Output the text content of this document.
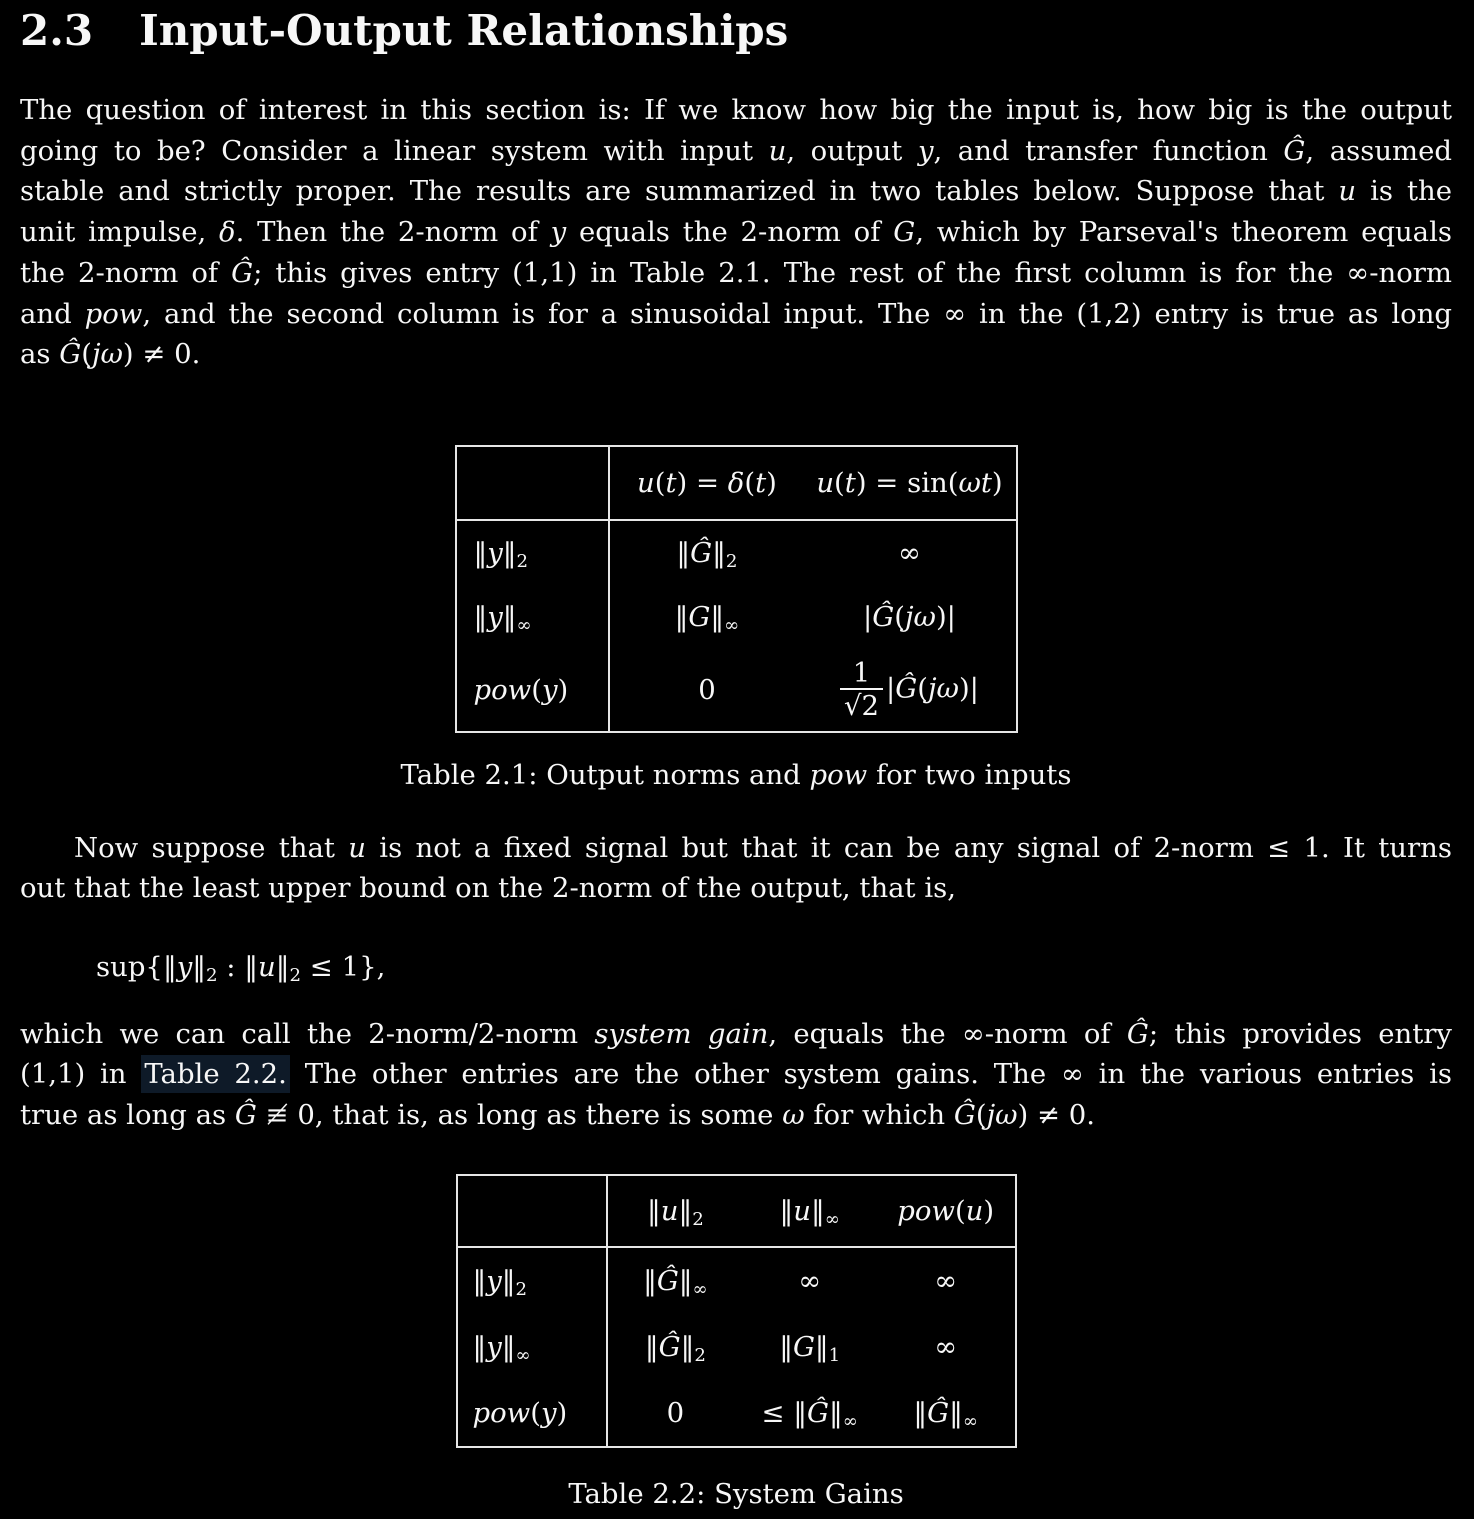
2.3 Input-Output Relationships
The question of interest in this section is: If we know how big the input is, how big is the output
going to be? Consider a linear system with input u, output y, and transfer function Ĝ, assumed
stable and strictly proper. The results are summarized in two tables below. Suppose that u is the
unit impulse, δ. Then the 2-norm of y equals the 2-norm of G, which by Parseval's theorem equals
the 2-norm of Ĝ; this gives entry (1,1) in Table 2.1. The rest of the first column is for the ∞-norm
and pow, and the second column is for a sinusoidal input. The ∞ in the (1,2) entry is true as long
as Ĝ(jω) ≠ 0.
	u(t) = δ(t)	u(t) = sin(ωt)
$‖y‖_2$	$‖Ĝ‖_2$	∞
$‖y‖_\infty$	$‖G‖_\infty$	|Ĝ(jω)|
pow(y)	0	$\frac{1}{√2}$ |Ĝ(jω)|
Table 2.1: Output norms and pow for two inputs
Now suppose that u is not a fixed signal but that it can be any signal of 2-norm ≤ 1. It turns
out that the least upper bound on the 2-norm of the output, that is,
$sup\{‖y‖_2$ : $‖u‖_2 \le 1$},
which we can call the 2-norm/2-norm system gain, equals the ∞-norm of Ĝ; this provides entry
(1,1) in Table 2.2. The other entries are the other system gains. The ∞ in the various entries is
true as long as Ĝ ≢ 0, that is, as long as there is some ω for which Ĝ(jω) ≠ 0.
	$‖u‖_2$	$‖u‖_\infty$	pow(u)
$‖y‖_2$	$‖Ĝ‖_\infty$	∞	∞
$‖y‖_\infty$	$‖Ĝ‖_2$	$‖G‖_1$	∞
pow(y)	0	≤ $‖Ĝ‖_\infty$	$‖Ĝ‖_\infty$
Table 2.2: System Gains
